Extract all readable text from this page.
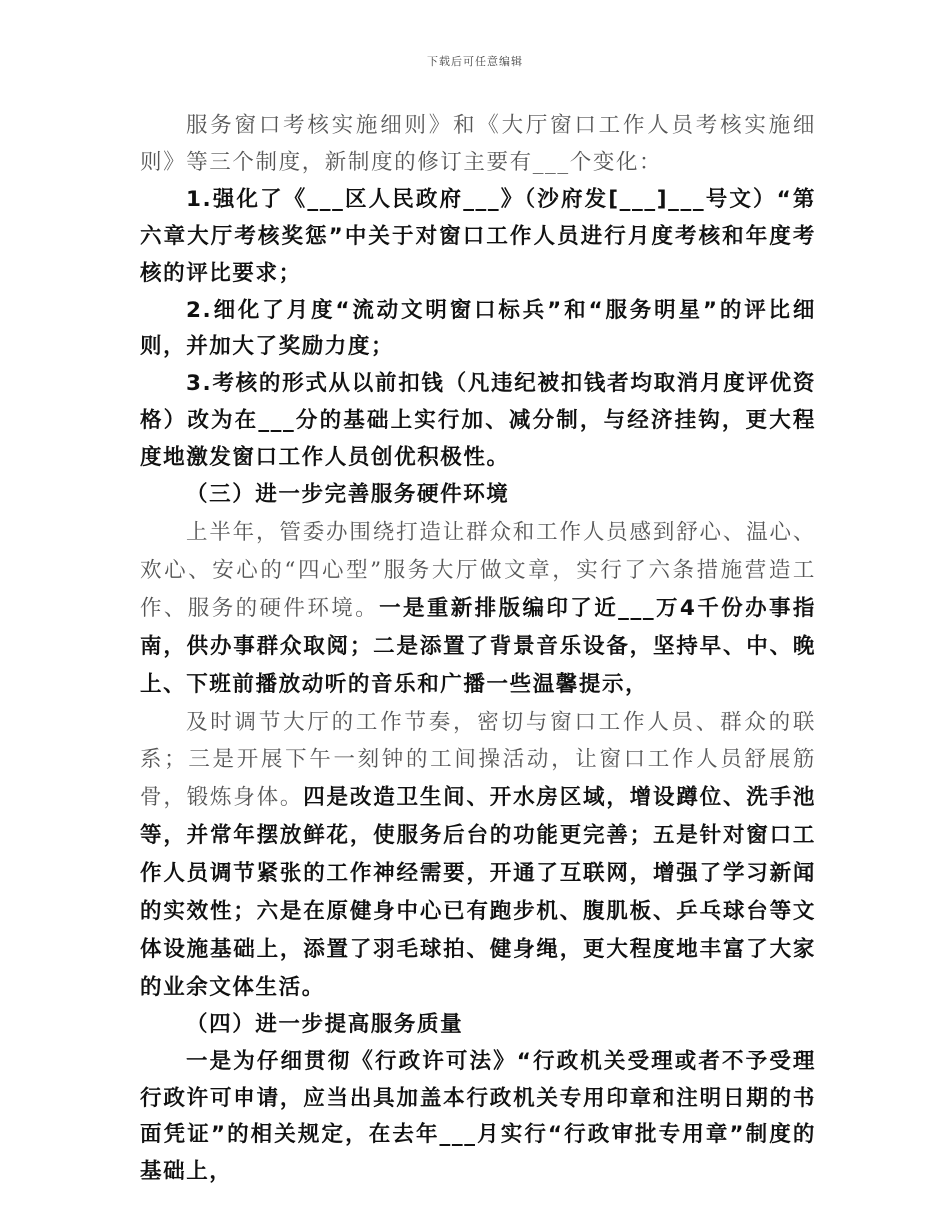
下载后可任意编辑

服务窗口考核实施细则》和《大厅窗口工作人员考核实施细则》等三个制度，新制度的修订主要有___个变化：

1.强化了《___区人民政府___》（沙府发[___]___号文）“第六章大厅考核奖惩”中关于对窗口工作人员进行月度考核和年度考核的评比要求；

2.细化了月度“流动文明窗口标兵”和“服务明星”的评比细则，并加大了奖励力度；

3.考核的形式从以前扣钱（凡违纪被扣钱者均取消月度评优资格）改为在___分的基础上实行加、减分制，与经济挂钩，更大程度地激发窗口工作人员创优积极性。

（三）进一步完善服务硬件环境

上半年，管委办围绕打造让群众和工作人员感到舒心、温心、欢心、安心的“四心型”服务大厅做文章，实行了六条措施营造工作、服务的硬件环境。一是重新排版编印了近___万4千份办事指南，供办事群众取阅；二是添置了背景音乐设备，坚持早、中、晚上、下班前播放动听的音乐和广播一些温馨提示，

及时调节大厅的工作节奏，密切与窗口工作人员、群众的联系；三是开展下午一刻钟的工间操活动，让窗口工作人员舒展筋骨，锻炼身体。四是改造卫生间、开水房区域，增设蹲位、洗手池等，并常年摆放鲜花，使服务后台的功能更完善；五是针对窗口工作人员调节紧张的工作神经需要，开通了互联网，增强了学习新闻的实效性；六是在原健身中心已有跑步机、腹肌板、乒乓球台等文体设施基础上，添置了羽毛球拍、健身绳，更大程度地丰富了大家的业余文体生活。

（四）进一步提高服务质量

一是为仔细贯彻《行政许可法》“行政机关受理或者不予受理行政许可申请，应当出具加盖本行政机关专用印章和注明日期的书面凭证”的相关规定，在去年___月实行“行政审批专用章”制度的基础上，
